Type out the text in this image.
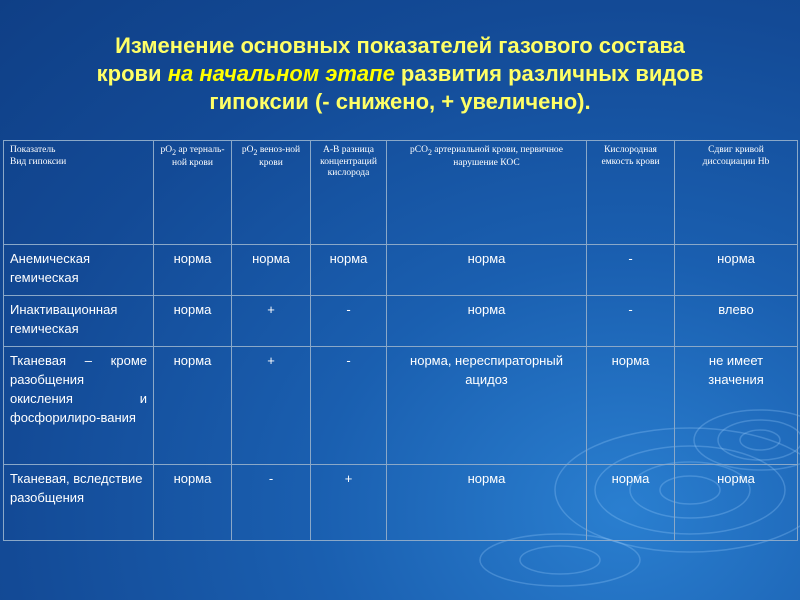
Изменение основных показателей газового состава
крови на начальном этапе развития различных видов
гипоксии (- снижено, + увеличено).
Показатель
Вид гипоксии	$рО_2$ ар терналь-ной крови	$рО_2$ веноз-ной крови	А-В разница концентраций кислорода	рСО$_2$ артериальной крови, первичное нарушение КОС	Кислородная емкость крови	Сдвиг кривой диссоциации Hb
Анемическая гемическая	норма	норма	норма	норма	-	норма
Инактивационная гемическая	норма	+	-	норма	-	влево
Тканевая – кроме разобщения окисления и фосфорилиро-вания	норма	+	-	норма, нереспираторный ацидоз	норма	не имеет значения
Тканевая, вследствие разобщения	норма	-	+	норма	норма	норма
